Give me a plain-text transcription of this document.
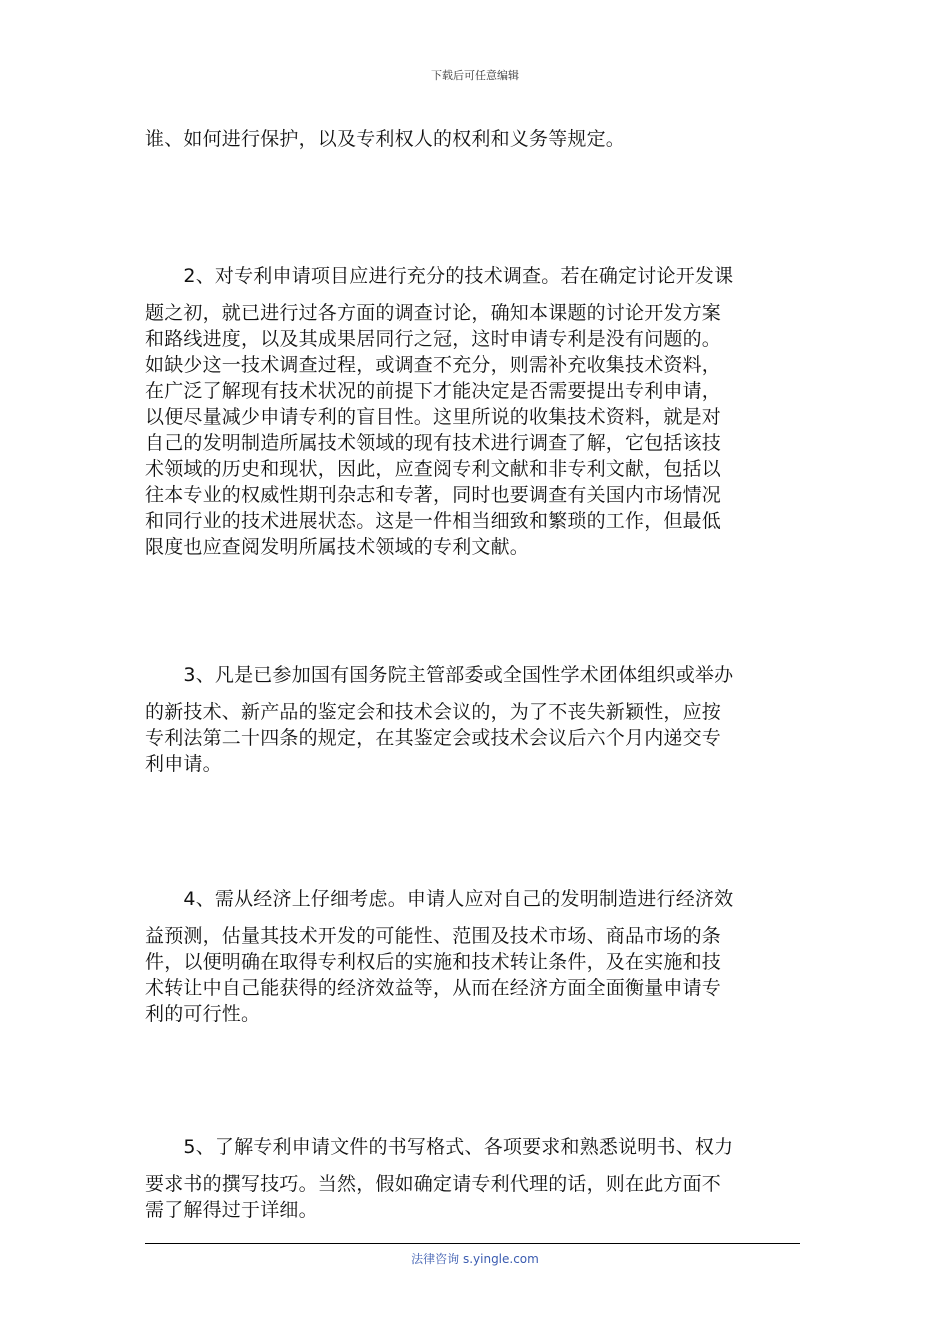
下载后可任意编辑
谁、如何进行保护，以及专利权人的权利和义务等规定。
　　2、对专利申请项目应进行充分的技术调查。若在确定讨论开发课
题之初，就已进行过各方面的调查讨论，确知本课题的讨论开发方案
和路线进度，以及其成果居同行之冠，这时申请专利是没有问题的。
如缺少这一技术调查过程，或调查不充分，则需补充收集技术资料，
在广泛了解现有技术状况的前提下才能决定是否需要提出专利申请，
以便尽量减少申请专利的盲目性。这里所说的收集技术资料，就是对
自己的发明制造所属技术领域的现有技术进行调查了解，它包括该技
术领域的历史和现状，因此，应查阅专利文献和非专利文献，包括以
往本专业的权威性期刊杂志和专著，同时也要调查有关国内市场情况
和同行业的技术进展状态。这是一件相当细致和繁琐的工作，但最低
限度也应查阅发明所属技术领域的专利文献。
　　3、凡是已参加国有国务院主管部委或全国性学术团体组织或举办
的新技术、新产品的鉴定会和技术会议的，为了不丧失新颖性，应按
专利法第二十四条的规定，在其鉴定会或技术会议后六个月内递交专
利申请。
　　4、需从经济上仔细考虑。申请人应对自己的发明制造进行经济效
益预测，估量其技术开发的可能性、范围及技术市场、商品市场的条
件，以便明确在取得专利权后的实施和技术转让条件，及在实施和技
术转让中自己能获得的经济效益等，从而在经济方面全面衡量申请专
利的可行性。
　　5、了解专利申请文件的书写格式、各项要求和熟悉说明书、权力
要求书的撰写技巧。当然，假如确定请专利代理的话，则在此方面不
需了解得过于详细。
法律咨询 s.yingle.com
